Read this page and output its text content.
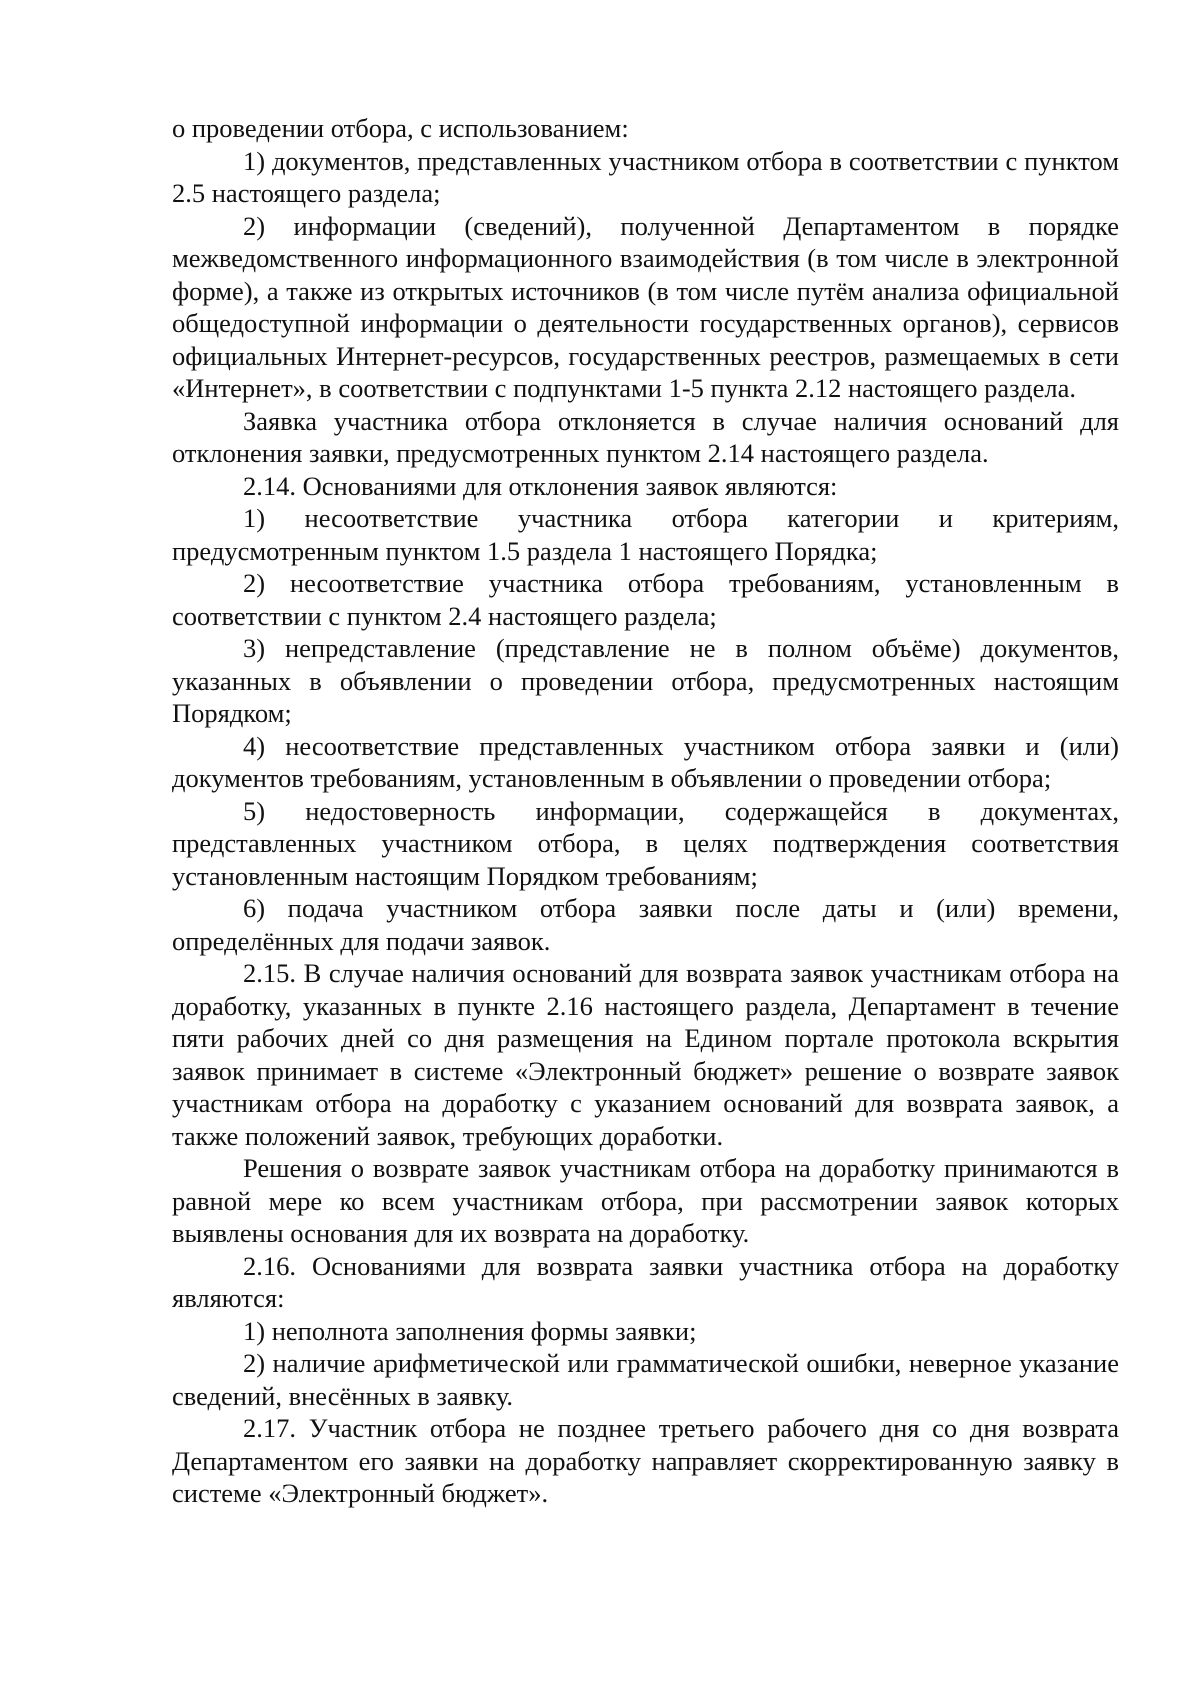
о проведении отбора, с использованием:

1) документов, представленных участником отбора в соответствии с пунктом 2.5 настоящего раздела;

2) информации (сведений), полученной Департаментом в порядке межведомственного информационного взаимодействия (в том числе в электронной форме), а также из открытых источников (в том числе путём анализа официальной общедоступной информации о деятельности государственных органов), сервисов официальных Интернет-ресурсов, государственных реестров, размещаемых в сети «Интернет», в соответствии с подпунктами 1-5 пункта 2.12 настоящего раздела.

Заявка участника отбора отклоняется в случае наличия оснований для отклонения заявки, предусмотренных пунктом 2.14 настоящего раздела.

2.14. Основаниями для отклонения заявок являются:

1) несоответствие участника отбора категории и критериям, предусмотренным пунктом 1.5 раздела 1 настоящего Порядка;

2) несоответствие участника отбора требованиям, установленным в соответствии с пунктом 2.4 настоящего раздела;

3) непредставление (представление не в полном объёме) документов, указанных в объявлении о проведении отбора, предусмотренных настоящим Порядком;

4) несоответствие представленных участником отбора заявки и (или) документов требованиям, установленным в объявлении о проведении отбора;

5) недостоверность информации, содержащейся в документах, представленных участником отбора, в целях подтверждения соответствия установленным настоящим Порядком требованиям;

6) подача участником отбора заявки после даты и (или) времени, определённых для подачи заявок.

2.15. В случае наличия оснований для возврата заявок участникам отбора на доработку, указанных в пункте 2.16 настоящего раздела, Департамент в течение пяти рабочих дней со дня размещения на Едином портале протокола вскрытия заявок принимает в системе «Электронный бюджет» решение о возврате заявок участникам отбора на доработку с указанием оснований для возврата заявок, а также положений заявок, требующих доработки.

Решения о возврате заявок участникам отбора на доработку принимаются в равной мере ко всем участникам отбора, при рассмотрении заявок которых выявлены основания для их возврата на доработку.

2.16. Основаниями для возврата заявки участника отбора на доработку являются:

1) неполнота заполнения формы заявки;

2) наличие арифметической или грамматической ошибки, неверное указание сведений, внесённых в заявку.

2.17. Участник отбора не позднее третьего рабочего дня со дня возврата Департаментом его заявки на доработку направляет скорректированную заявку в системе «Электронный бюджет».
